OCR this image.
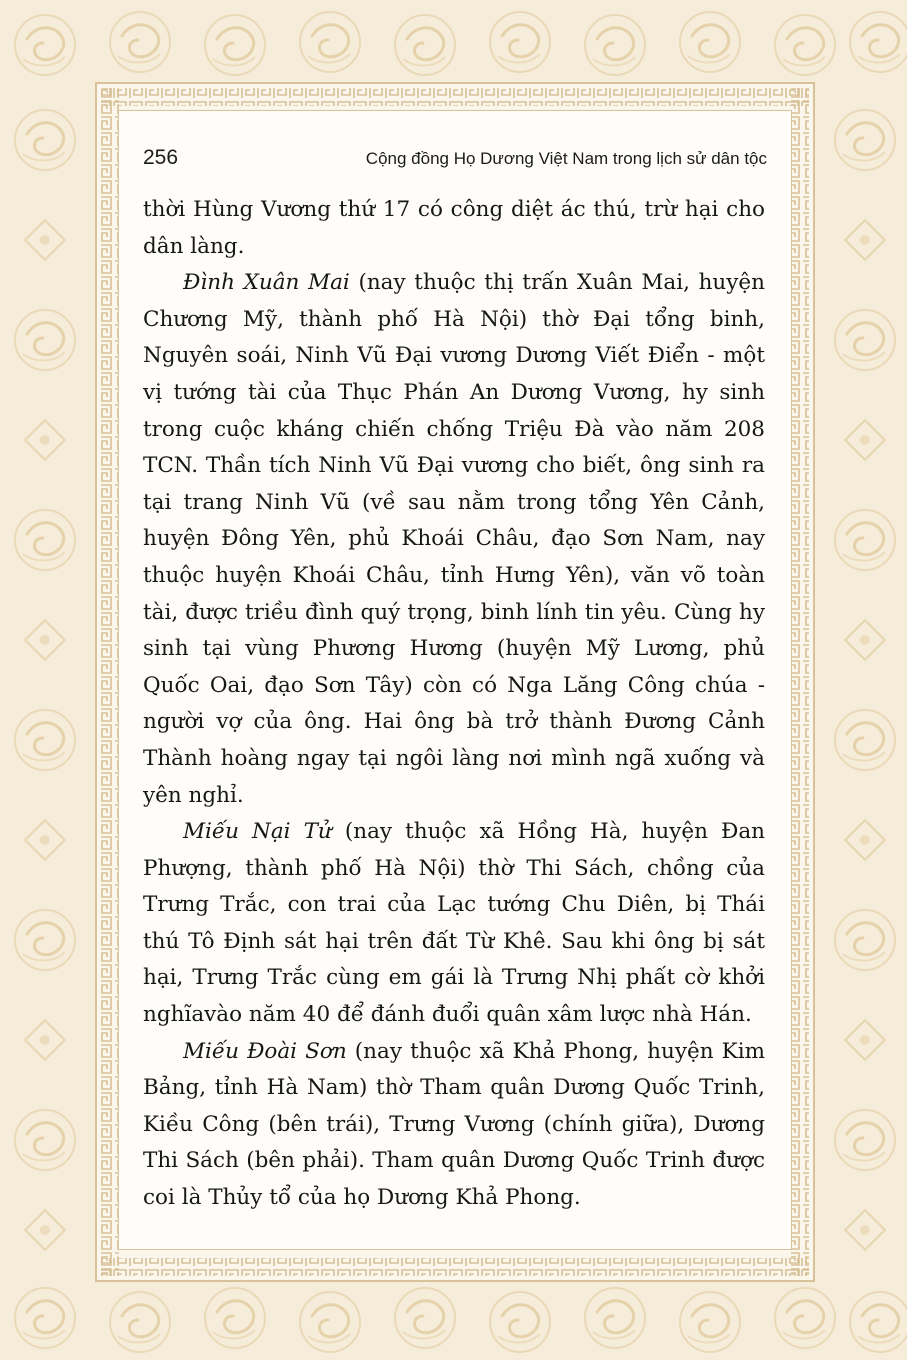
256	Cộng đồng Họ Dương Việt Nam trong lịch sử dân tộc

thời Hùng Vương thứ 17 có công diệt ác thú, trừ hại cho dân làng.

Đình Xuân Mai (nay thuộc thị trấn Xuân Mai, huyện Chương Mỹ, thành phố Hà Nội) thờ Đại tổng binh, Nguyên soái, Ninh Vũ Đại vương Dương Viết Điển - một vị tướng tài của Thục Phán An Dương Vương, hy sinh trong cuộc kháng chiến chống Triệu Đà vào năm 208 TCN. Thần tích Ninh Vũ Đại vương cho biết, ông sinh ra tại trang Ninh Vũ (về sau nằm trong tổng Yên Cảnh, huyện Đông Yên, phủ Khoái Châu, đạo Sơn Nam, nay thuộc huyện Khoái Châu, tỉnh Hưng Yên), văn võ toàn tài, được triều đình quý trọng, binh lính tin yêu. Cùng hy sinh tại vùng Phương Hương (huyện Mỹ Lương, phủ Quốc Oai, đạo Sơn Tây) còn có Nga Lăng Công chúa - người vợ của ông. Hai ông bà trở thành Đương Cảnh Thành hoàng ngay tại ngôi làng nơi mình ngã xuống và yên nghỉ.

Miếu Nại Tử (nay thuộc xã Hồng Hà, huyện Đan Phượng, thành phố Hà Nội) thờ Thi Sách, chồng của Trưng Trắc, con trai của Lạc tướng Chu Diên, bị Thái thú Tô Định sát hại trên đất Từ Khê. Sau khi ông bị sát hại, Trưng Trắc cùng em gái là Trưng Nhị phất cờ khởi nghĩavào năm 40 để đánh đuổi quân xâm lược nhà Hán.

Miếu Đoài Sơn (nay thuộc xã Khả Phong, huyện Kim Bảng, tỉnh Hà Nam) thờ Tham quân Dương Quốc Trinh, Kiều Công (bên trái), Trưng Vương (chính giữa), Dương Thi Sách (bên phải). Tham quân Dương Quốc Trinh được coi là Thủy tổ của họ Dương Khả Phong.
